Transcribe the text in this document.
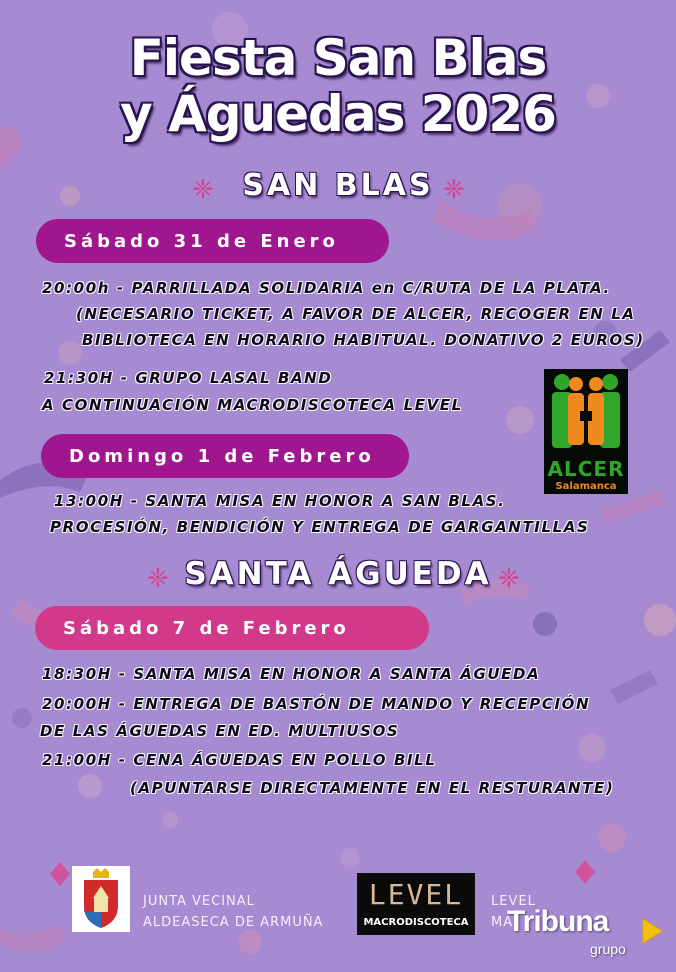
Fiesta San Blas
y Águedas 2026
❈ SAN BLAS ❈
Sábado 31 de Enero
20:00h - PARRILLADA SOLIDARIA en C/RUTA DE LA PLATA.
(NECESARIO TICKET, A FAVOR DE ALCER, RECOGER EN LA
BIBLIOTECA EN HORARIO HABITUAL. DONATIVO 2 EUROS)
21:30H - GRUPO LASAL BAND
A CONTINUACIÓN MACRODISCOTECA LEVEL
ALCER
Salamanca
Domingo 1 de Febrero
13:00H - SANTA MISA EN HONOR A SAN BLAS.
PROCESIÓN, BENDICIÓN Y ENTREGA DE GARGANTILLAS
❈ SANTA ÁGUEDA ❈
Sábado 7 de Febrero
18:30H - SANTA MISA EN HONOR A SANTA ÁGUEDA
20:00H - ENTREGA DE BASTÓN DE MANDO Y RECEPCIÓN
DE LAS ÁGUEDAS EN ED. MULTIUSOS
21:00H - CENA ÁGUEDAS EN POLLO BILL
(APUNTARSE DIRECTAMENTE EN EL RESTURANTE)
JUNTA VECINAL
ALDEASECA DE ARMUÑA
LEVEL
MACRODISCOTECA
LEVEL
MA
Tribuna
grupo
